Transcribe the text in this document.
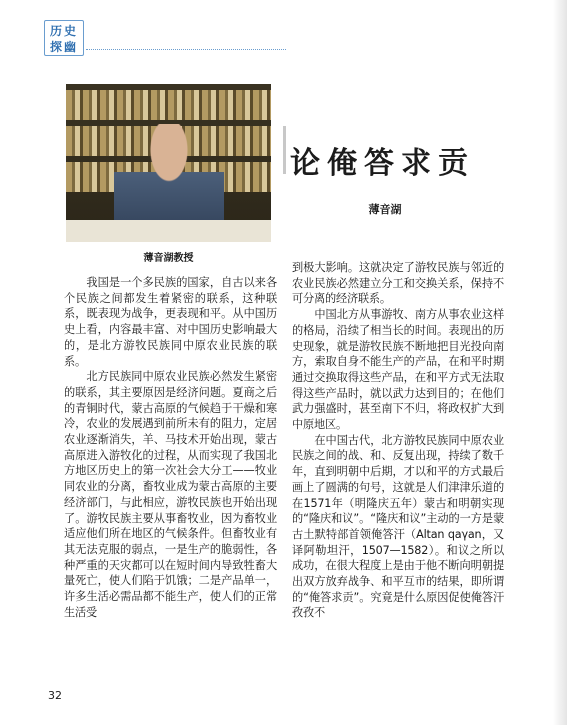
历史
探幽
薄音湖教授
论俺答求贡
薄音湖

我国是一个多民族的国家，自古以来各个民族之间都发生着紧密的联系，这种联系，既表现为战争，更表现和平。从中国历史上看，内容最丰富、对中国历史影响最大的，是北方游牧民族同中原农业民族的联系。

北方民族同中原农业民族必然发生紧密的联系，其主要原因是经济问题。夏商之后的青铜时代，蒙古高原的气候趋于干燥和寒冷，农业的发展遇到前所未有的阻力，定居农业逐渐消失，羊、马技术开始出现，蒙古高原进入游牧化的过程，从而实现了我国北方地区历史上的第一次社会大分工——牧业同农业的分离，畜牧业成为蒙古高原的主要经济部门，与此相应，游牧民族也开始出现了。游牧民族主要从事畜牧业，因为畜牧业适应他们所在地区的气候条件。但畜牧业有其无法克服的弱点，一是生产的脆弱性，各种严重的天灾都可以在短时间内导致牲畜大量死亡，使人们陷于饥饿；二是产品单一，许多生活必需品都不能生产，使人们的正常生活受

到极大影响。这就决定了游牧民族与邻近的农业民族必然建立分工和交换关系，保持不可分离的经济联系。

中国北方从事游牧、南方从事农业这样的格局，沿续了相当长的时间。表现出的历史现象，就是游牧民族不断地把目光投向南方，索取自身不能生产的产品，在和平时期通过交换取得这些产品，在和平方式无法取得这些产品时，就以武力达到目的；在他们武力强盛时，甚至南下不归，将政权扩大到中原地区。

在中国古代，北方游牧民族同中原农业民族之间的战、和、反复出现，持续了数千年，直到明朝中后期，才以和平的方式最后画上了圆满的句号，这就是人们津津乐道的在1571年（明隆庆五年）蒙古和明朝实现的“隆庆和议”。“隆庆和议”主动的一方是蒙古土默特部首领俺答汗（Altan qaγan，又译阿勒坦汗，1507—1582）。和议之所以成功，在很大程度上是由于他不断向明朝提出双方放弃战争、和平互市的结果，即所谓的“俺答求贡”。究竟是什么原因促使俺答汗孜孜不

32
